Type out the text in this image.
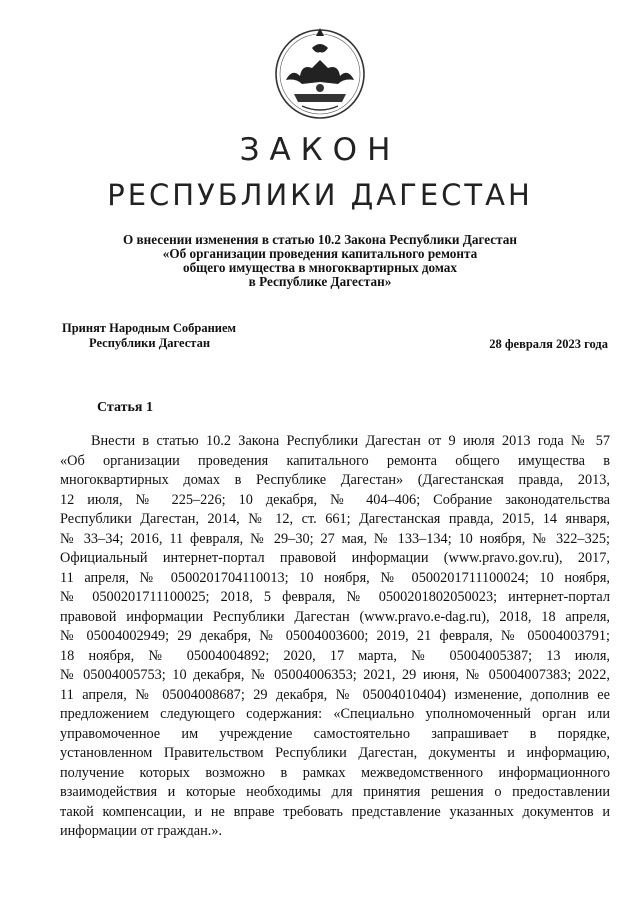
ЗАКОН
РЕСПУБЛИКИ ДАГЕСТАН
О внесении изменения в статью 10.2 Закона Республики Дагестан
«Об организации проведения капитального ремонта
общего имущества в многоквартирных домах
в Республике Дагестан»
Принят Народным Собранием
Республики Дагестан	28 февраля 2023 года
Статья 1
Внести в статью 10.2 Закона Республики Дагестан от 9 июля 2013 года № 57
«Об организации проведения капитального ремонта общего имущества в
многоквартирных домах в Республике Дагестан» (Дагестанская правда, 2013,
12 июля, № 225–226; 10 декабря, № 404–406; Собрание законодательства
Республики Дагестан, 2014, № 12, ст. 661; Дагестанская правда, 2015, 14 января,
№ 33–34; 2016, 11 февраля, № 29–30; 27 мая, № 133–134; 10 ноября, № 322–325;
Официальный интернет-портал правовой информации (www.pravo.gov.ru), 2017,
11 апреля, № 0500201704110013; 10 ноября, № 0500201711100024; 10 ноября,
№ 0500201711100025; 2018, 5 февраля, № 0500201802050023; интернет-портал
правовой информации Республики Дагестан (www.pravo.e-dag.ru), 2018, 18 апреля,
№ 05004002949; 29 декабря, № 05004003600; 2019, 21 февраля, № 05004003791;
18 ноября, № 05004004892; 2020, 17 марта, № 05004005387; 13 июля,
№ 05004005753; 10 декабря, № 05004006353; 2021, 29 июня, № 05004007383; 2022,
11 апреля, № 05004008687; 29 декабря, № 05004010404) изменение, дополнив ее
предложением следующего содержания: «Специально уполномоченный орган или
управомоченное им учреждение самостоятельно запрашивает в порядке,
установленном Правительством Республики Дагестан, документы и информацию,
получение которых возможно в рамках межведомственного информационного
взаимодействия и которые необходимы для принятия решения о предоставлении
такой компенсации, и не вправе требовать представление указанных документов и
информации от граждан.».
